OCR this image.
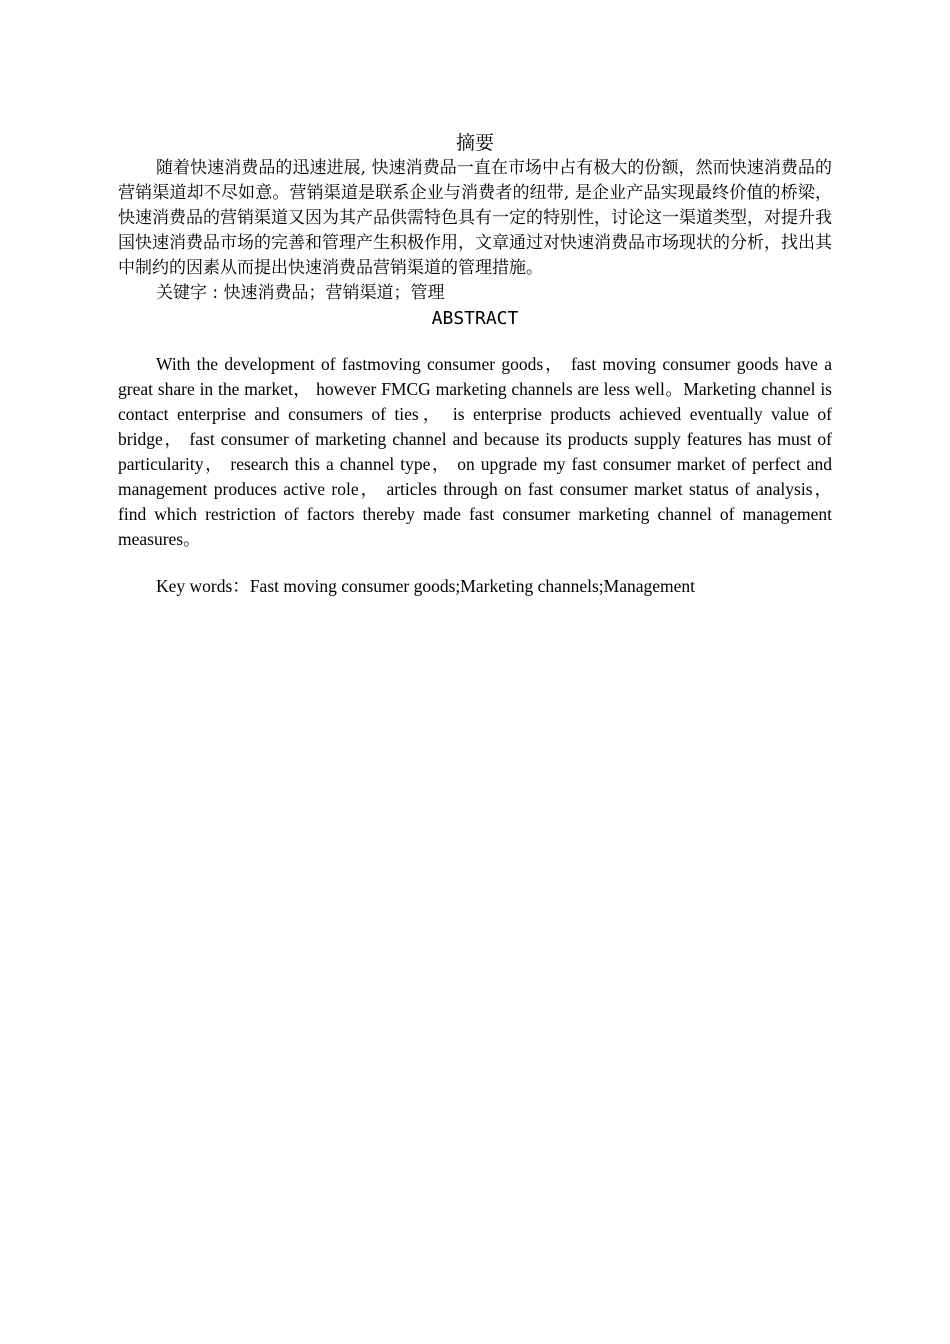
摘要

随着快速消费品的迅速进展, 快速消费品一直在市场中占有极大的份额，然而快速消费品的营销渠道却不尽如意。营销渠道是联系企业与消费者的纽带, 是企业产品实现最终价值的桥梁，快速消费品的营销渠道又因为其产品供需特色具有一定的特别性，讨论这一渠道类型，对提升我国快速消费品市场的完善和管理产生积极作用，文章通过对快速消费品市场现状的分析，找出其中制约的因素从而提出快速消费品营销渠道的管理措施。

关键字 : 快速消费品；营销渠道；管理

ABSTRACT

With the development of fastmoving consumer goods， fast moving consumer goods have a great share in the market， however FMCG marketing channels are less well。Marketing channel is contact enterprise and consumers of ties， is enterprise products achieved eventually value of bridge， fast consumer of marketing channel and because its products supply features has must of particularity， research this a channel type， on upgrade my fast consumer market of perfect and management produces active role， articles through on fast consumer market status of analysis， find which restriction of factors thereby made fast consumer marketing channel of management measures。

Key words：Fast moving consumer goods;Marketing channels;Management
